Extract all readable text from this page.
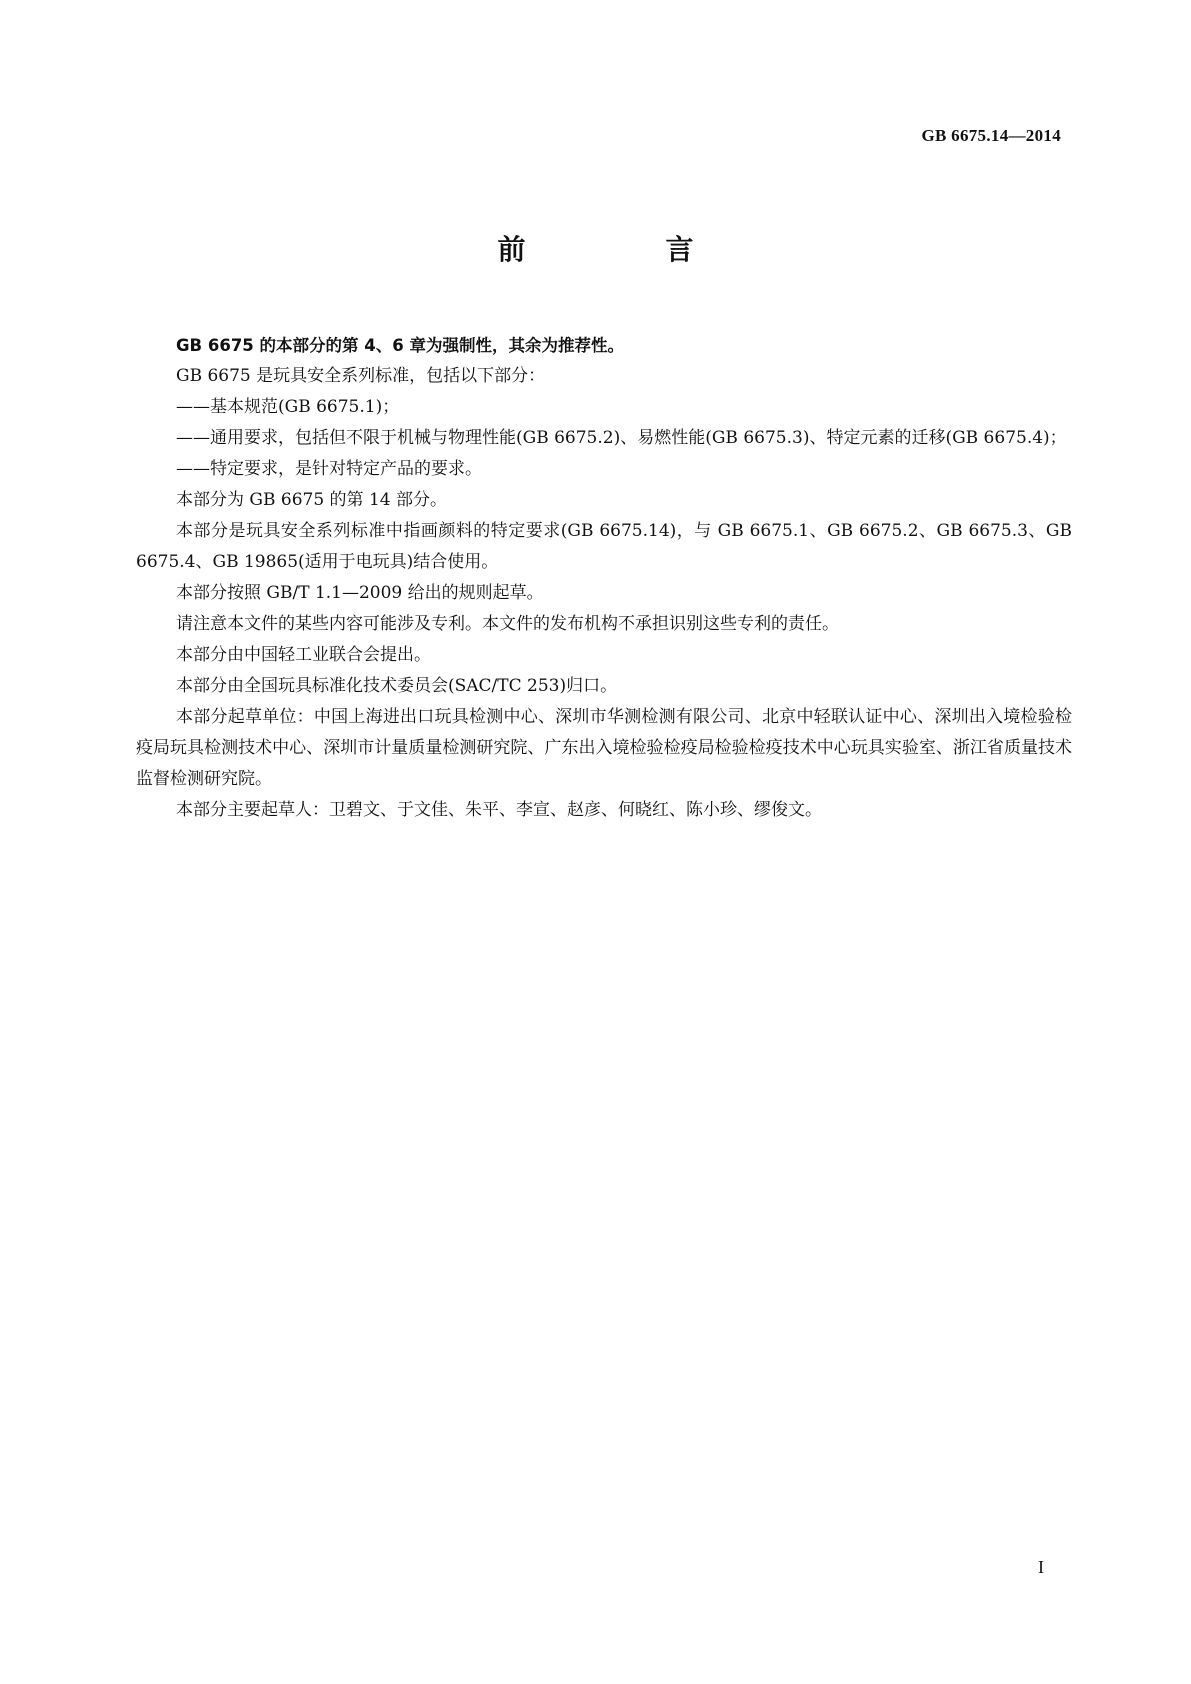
GB 6675.14—2014
前　言

GB 6675 的本部分的第 4、6 章为强制性，其余为推荐性。

GB 6675 是玩具安全系列标准，包括以下部分：

——基本规范(GB 6675.1)；

——通用要求，包括但不限于机械与物理性能(GB 6675.2)、易燃性能(GB 6675.3)、特定元素的迁移(GB 6675.4)；

——特定要求，是针对特定产品的要求。

本部分为 GB 6675 的第 14 部分。

本部分是玩具安全系列标准中指画颜料的特定要求(GB 6675.14)，与 GB 6675.1、GB 6675.2、GB 6675.3、GB 6675.4、GB 19865(适用于电玩具)结合使用。

本部分按照 GB/T 1.1—2009 给出的规则起草。

请注意本文件的某些内容可能涉及专利。本文件的发布机构不承担识别这些专利的责任。

本部分由中国轻工业联合会提出。

本部分由全国玩具标准化技术委员会(SAC/TC 253)归口。

本部分起草单位：中国上海进出口玩具检测中心、深圳市华测检测有限公司、北京中轻联认证中心、深圳出入境检验检疫局玩具检测技术中心、深圳市计量质量检测研究院、广东出入境检验检疫局检验检疫技术中心玩具实验室、浙江省质量技术监督检测研究院。

本部分主要起草人：卫碧文、于文佳、朱平、李宣、赵彦、何晓红、陈小珍、缪俊文。

I
